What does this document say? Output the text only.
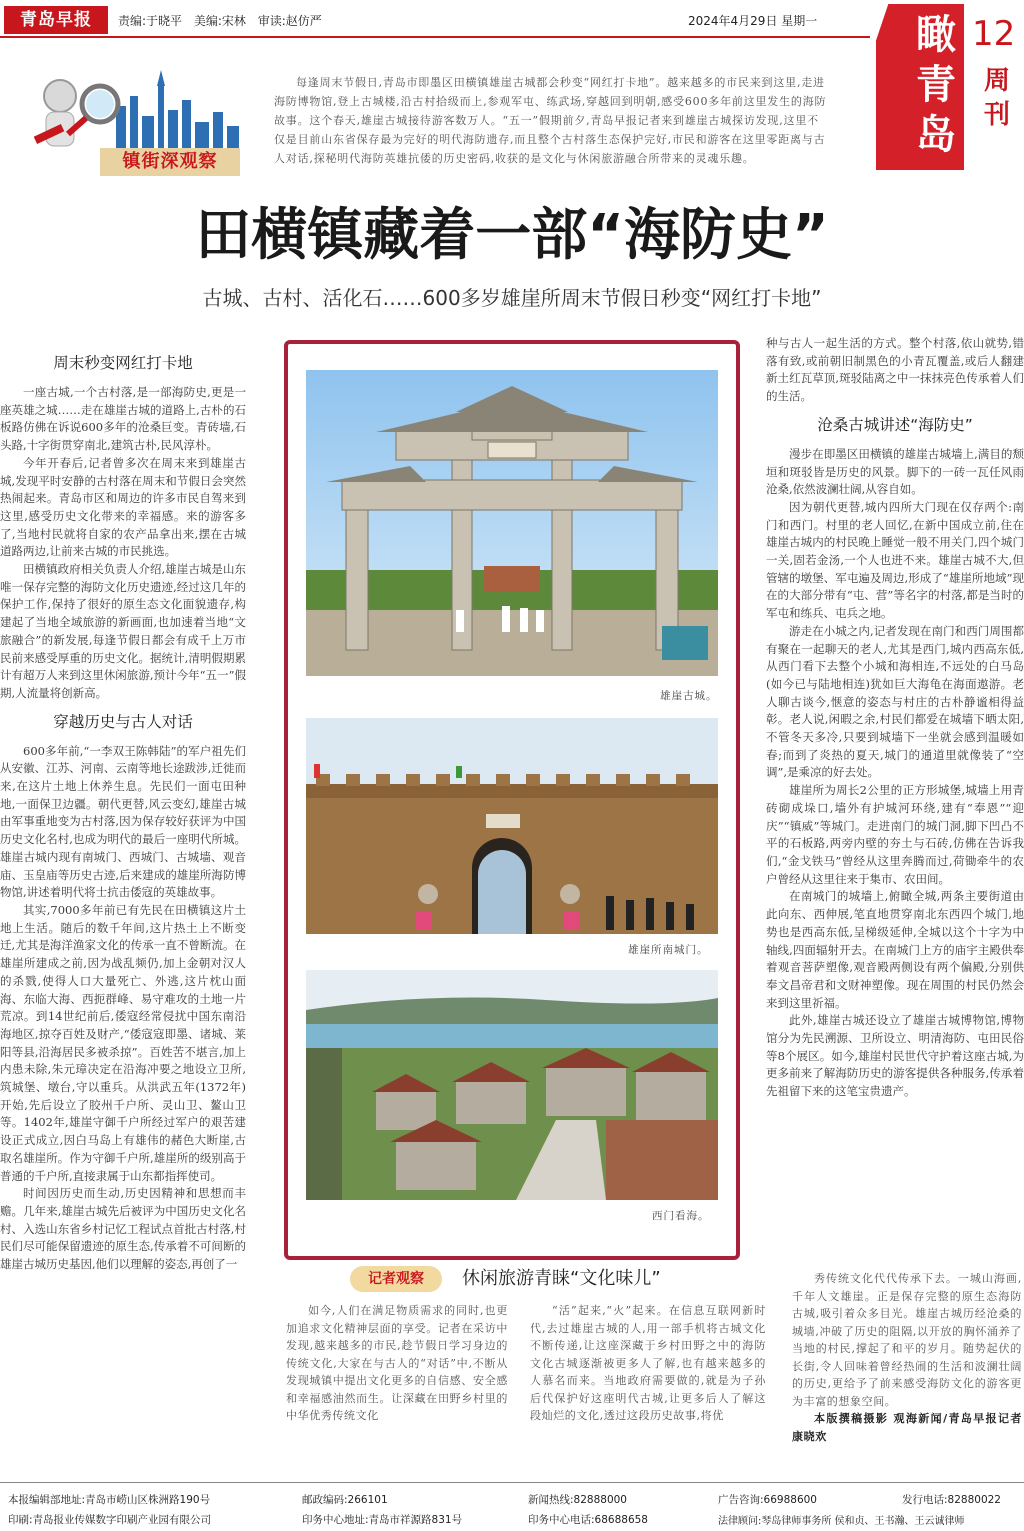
青岛早报	责编:于晓平 美编:宋林 审读:赵仿严	2024年4月29日 星期一 瞰青岛
12
周刊
镇街深观察
每逢周末节假日,青岛市即墨区田横镇雄崖古城都会秒变“网红打卡地”。越来越多的市民来到这里,走进海防博物馆,登上古城楼,沿古村拾级而上,参观军屯、练武场,穿越回到明朝,感受600多年前这里发生的海防故事。这个春天,雄崖古城接待游客数万人。“五一”假期前夕,青岛早报记者来到雄崖古城探访发现,这里不仅是目前山东省保存最为完好的明代海防遗存,而且整个古村落生态保护完好,市民和游客在这里零距离与古人对话,探秘明代海防英雄抗倭的历史密码,收获的是文化与休闲旅游融合所带来的灵魂乐趣。
田横镇藏着一部“海防史”
古城、古村、活化石……600多岁雄崖所周末节假日秒变“网红打卡地”
周末秒变网红打卡地

一座古城,一个古村落,是一部海防史,更是一座英雄之城……走在雄崖古城的道路上,古朴的石板路仿佛在诉说600多年的沧桑巨变。青砖墙,石头路,十字街贯穿南北,建筑古朴,民风淳朴。

今年开春后,记者曾多次在周末来到雄崖古城,发现平时安静的古村落在周末和节假日会突然热闹起来。青岛市区和周边的许多市民自驾来到这里,感受历史文化带来的幸福感。来的游客多了,当地村民就将自家的农产品拿出来,摆在古城道路两边,让前来古城的市民挑选。

田横镇政府相关负责人介绍,雄崖古城是山东唯一保存完整的海防文化历史遗迹,经过这几年的保护工作,保持了很好的原生态文化面貌遗存,构建起了当地全域旅游的新画面,也加速着当地“文旅融合”的新发展,每逢节假日都会有成千上万市民前来感受厚重的历史文化。据统计,清明假期累计有超万人来到这里休闲旅游,预计今年“五一”假期,人流量将创新高。

穿越历史与古人对话

600多年前,“一李双王陈韩陆”的军户祖先们从安徽、江苏、河南、云南等地长途跋涉,迁徙而来,在这片土地上休养生息。先民们一面屯田种地,一面保卫边疆。朝代更替,风云变幻,雄崖古城由军事重地变为古村落,因为保存较好获评为中国历史文化名村,也成为明代的最后一座明代所城。雄崖古城内现有南城门、西城门、古城墙、观音庙、玉皇庙等历史古迹,后来建成的雄崖所海防博物馆,讲述着明代将士抗击倭寇的英雄故事。

其实,7000多年前已有先民在田横镇这片土地上生活。随后的数千年间,这片热土上不断变迁,尤其是海洋渔家文化的传承一直不曾断流。在雄崖所建成之前,因为战乱频仍,加上金朝对汉人的杀戮,使得人口大量死亡、外逃,这片枕山面海、东临大海、西扼群峰、易守难攻的土地一片荒凉。到14世纪前后,倭寇经常侵扰中国东南沿海地区,掠夺百姓及财产,“倭寇寇即墨、诸城、莱阳等县,沿海居民多被杀掠”。百姓苦不堪言,加上内患未除,朱元璋决定在沿海冲要之地设立卫所,筑城堡、墩台,守以重兵。从洪武五年(1372年)开始,先后设立了胶州千户所、灵山卫、鳌山卫等。1402年,雄崖守御千户所经过军户的艰苦建设正式成立,因白马岛上有雄伟的赭色大断崖,古取名雄崖所。作为守御千户所,雄崖所的级别高于普通的千户所,直接隶属于山东都指挥使司。

时间因历史而生动,历史因精神和思想而丰赡。几年来,雄崖古城先后被评为中国历史文化名村、入选山东省乡村记忆工程试点首批古村落,村民们尽可能保留遗迹的原生态,传承着不可间断的雄崖古城历史基因,他们以理解的姿态,再创了一

雄崖古城。
雄崖所南城门。
西门看海。

种与古人一起生活的方式。整个村落,依山就势,错落有致,或前朝旧制黑色的小青瓦覆盖,或后人翻建新土红瓦草顶,斑驳陆离之中一抹抹亮色传承着人们的生活。

沧桑古城讲述“海防史”

漫步在即墨区田横镇的雄崖古城墙上,满目的颓垣和斑驳皆是历史的风景。脚下的一砖一瓦任风雨沧桑,依然波澜壮阔,从容自如。

因为朝代更替,城内四所大门现在仅存两个:南门和西门。村里的老人回忆,在新中国成立前,住在雄崖古城内的村民晚上睡觉一般不用关门,四个城门一关,固若金汤,一个人也进不来。雄崖古城不大,但管辖的墩堡、军屯遍及周边,形成了“雄崖所地域”现在的大部分带有“屯、营”等名字的村落,都是当时的军屯和练兵、屯兵之地。

游走在小城之内,记者发现在南门和西门周围都有聚在一起聊天的老人,尤其是西门,城内西高东低,从西门看下去整个小城和海相连,不远处的白马岛(如今已与陆地相连)犹如巨大海龟在海面遨游。老人聊古谈今,惬意的姿态与村庄的古朴静谧相得益彰。老人说,闲暇之余,村民们都爱在城墙下晒太阳,不管冬天多冷,只要到城墙下一坐就会感到温暖如春;而到了炎热的夏天,城门的通道里就像装了“空调”,是乘凉的好去处。

雄崖所为周长2公里的正方形城堡,城墙上用青砖砌成垛口,墙外有护城河环绕,建有“奉恩”“迎庆”“镇威”等城门。走进南门的城门洞,脚下凹凸不平的石板路,两旁内壁的夯土与石砖,仿佛在告诉我们,“金戈铁马”曾经从这里奔腾而过,荷锄牵牛的农户曾经从这里往来于集市、农田间。

在南城门的城墙上,俯瞰全城,两条主要街道由此向东、西伸展,笔直地贯穿南北东西四个城门,地势也是西高东低,呈梯级延伸,全城以这个十字为中轴线,四面辐射开去。在南城门上方的庙宇主殿供奉着观音菩萨塑像,观音殿两侧设有两个偏殿,分别供奉文昌帝君和文财神塑像。现在周围的村民仍然会来到这里祈福。

此外,雄崖古城还设立了雄崖古城博物馆,博物馆分为先民溯源、卫所设立、明清海防、屯田民俗等8个展区。如今,雄崖村民世代守护着这座古城,为更多前来了解海防历史的游客提供各种服务,传承着先祖留下来的这笔宝贵遗产。

记者观察	休闲旅游青睐“文化味儿”

如今,人们在满足物质需求的同时,也更加追求文化精神层面的享受。记者在采访中发现,越来越多的市民,趁节假日学习身边的传统文化,大家在与古人的“对话”中,不断从发现城镇中提出文化更多的自信感、安全感和幸福感油然而生。让深藏在田野乡村里的中华优秀传统文化

“活”起来,“火”起来。在信息互联网新时代,去过雄崖古城的人,用一部手机将古城文化不断传递,让这座深藏于乡村田野之中的海防文化古城逐渐被更多人了解,也有越来越多的人慕名而来。当地政府需要做的,就是为子孙后代保护好这座明代古城,让更多后人了解这段灿烂的文化,透过这段历史故事,将优

秀传统文化代代传承下去。一城山海画,千年人文雄崖。正是保存完整的原生态海防古城,吸引着众多目光。雄崖古城历经沧桑的城墙,冲破了历史的阻隔,以开放的胸怀涌养了当地的村民,撑起了和平的岁月。随势起伏的长街,令人回味着曾经热闹的生活和波澜壮阔的历史,更给予了前来感受海防文化的游客更为丰富的想象空间。

本版撰稿摄影 观海新闻/青岛早报记者 康晓欢

本报编辑部地址:青岛市崂山区株洲路190号	邮政编码:266101	新闻热线:82888000	广告咨询:66988600	发行电话:82880022
印刷:青岛报业传媒数字印刷产业园有限公司	印务中心地址:青岛市祥源路831号	印务中心电话:68688658	法律顾问:琴岛律师事务所 侯和贞、王书瀚、王云诚律师
